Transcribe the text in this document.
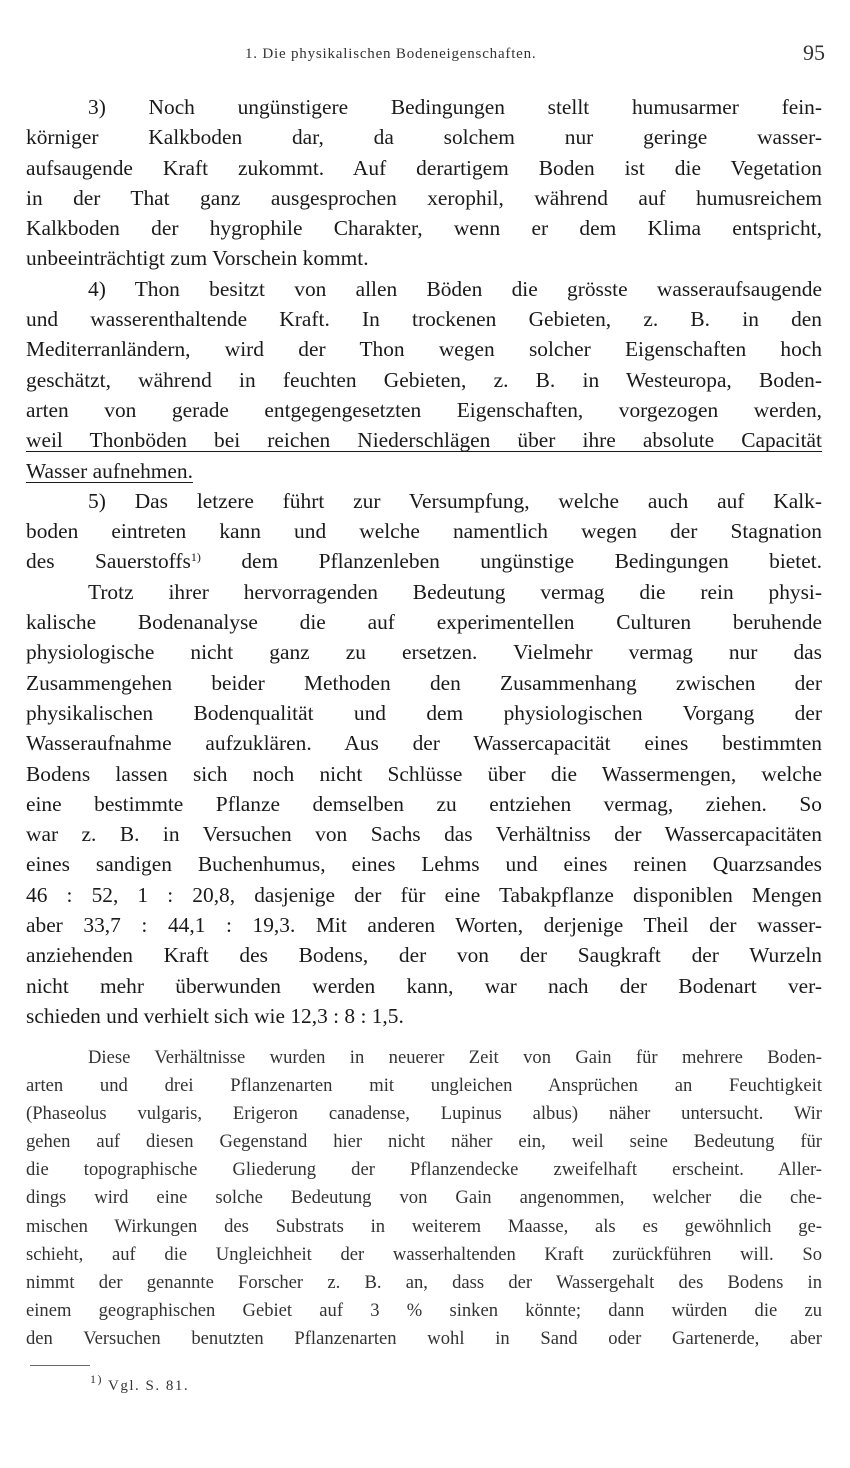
1. Die physikalischen Bodeneigenschaften.	95
3) Noch ungünstigere Bedingungen stellt humusarmer fein-
körniger Kalkboden dar, da solchem nur geringe wasser-
aufsaugende Kraft zukommt. Auf derartigem Boden ist die Vegetation
in der That ganz ausgesprochen xerophil, während auf humusreichem
Kalkboden der hygrophile Charakter, wenn er dem Klima entspricht,
unbeeinträchtigt zum Vorschein kommt.
4) Thon besitzt von allen Böden die grösste wasseraufsaugende
und wasserenthaltende Kraft. In trockenen Gebieten, z. B. in den
Mediterranländern, wird der Thon wegen solcher Eigenschaften hoch
geschätzt, während in feuchten Gebieten, z. B. in Westeuropa, Boden-
arten von gerade entgegengesetzten Eigenschaften, vorgezogen werden,
weil Thonböden bei reichen Niederschlägen über ihre absolute Capacität
Wasser aufnehmen.
5) Das letzere führt zur Versumpfung, welche auch auf Kalk-
boden eintreten kann und welche namentlich wegen der Stagnation
des Sauerstoffs$^{1)}$ dem Pflanzenleben ungünstige Bedingungen bietet.
Trotz ihrer hervorragenden Bedeutung vermag die rein physi-
kalische Bodenanalyse die auf experimentellen Culturen beruhende
physiologische nicht ganz zu ersetzen. Vielmehr vermag nur das
Zusammengehen beider Methoden den Zusammenhang zwischen der
physikalischen Bodenqualität und dem physiologischen Vorgang der
Wasseraufnahme aufzuklären. Aus der Wassercapacität eines bestimmten
Bodens lassen sich noch nicht Schlüsse über die Wassermengen, welche
eine bestimmte Pflanze demselben zu entziehen vermag, ziehen. So
war z. B. in Versuchen von Sachs das Verhältniss der Wassercapacitäten
eines sandigen Buchenhumus, eines Lehms und eines reinen Quarzsandes
46 : 52, 1 : 20,8, dasjenige der für eine Tabakpflanze disponiblen Mengen
aber 33,7 : 44,1 : 19,3. Mit anderen Worten, derjenige Theil der wasser-
anziehenden Kraft des Bodens, der von der Saugkraft der Wurzeln
nicht mehr überwunden werden kann, war nach der Bodenart ver-
schieden und verhielt sich wie 12,3 : 8 : 1,5.
Diese Verhältnisse wurden in neuerer Zeit von Gain für mehrere Boden-
arten und drei Pflanzenarten mit ungleichen Ansprüchen an Feuchtigkeit
(Phaseolus vulgaris, Erigeron canadense, Lupinus albus) näher untersucht. Wir
gehen auf diesen Gegenstand hier nicht näher ein, weil seine Bedeutung für
die topographische Gliederung der Pflanzendecke zweifelhaft erscheint. Aller-
dings wird eine solche Bedeutung von Gain angenommen, welcher die che-
mischen Wirkungen des Substrats in weiterem Maasse, als es gewöhnlich ge-
schieht, auf die Ungleichheit der wasserhaltenden Kraft zurückführen will. So
nimmt der genannte Forscher z. B. an, dass der Wassergehalt des Bodens in
einem geographischen Gebiet auf 3 % sinken könnte; dann würden die zu
den Versuchen benutzten Pflanzenarten wohl in Sand oder Gartenerde, aber
$^{1)}$ Vgl. S. 81.
